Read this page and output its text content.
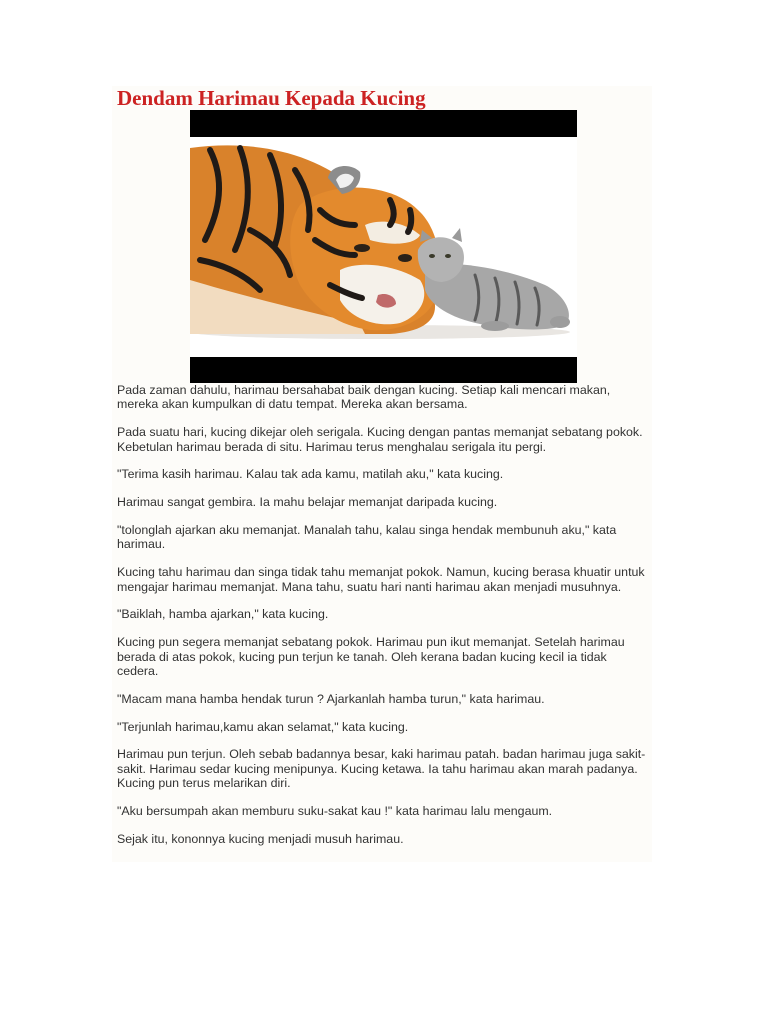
Dendam Harimau Kepada Kucing

Pada zaman dahulu, harimau bersahabat baik dengan kucing. Setiap kali mencari makan, mereka akan kumpulkan di datu tempat. Mereka akan bersama.

Pada suatu hari, kucing dikejar oleh serigala. Kucing dengan pantas memanjat sebatang pokok. Kebetulan harimau berada di situ. Harimau terus menghalau serigala itu pergi.

"Terima kasih harimau. Kalau tak ada kamu, matilah aku," kata kucing.

Harimau sangat gembira. Ia mahu belajar memanjat daripada kucing.

"tolonglah ajarkan aku memanjat. Manalah tahu, kalau singa hendak membunuh aku," kata harimau.

Kucing tahu harimau dan singa tidak tahu memanjat pokok. Namun, kucing berasa khuatir untuk mengajar harimau memanjat. Mana tahu, suatu hari nanti harimau akan menjadi musuhnya.

"Baiklah, hamba ajarkan," kata kucing.

Kucing pun segera memanjat sebatang pokok. Harimau pun ikut memanjat. Setelah harimau berada di atas pokok, kucing pun terjun ke tanah. Oleh kerana badan kucing kecil ia tidak cedera.

"Macam mana hamba hendak turun ? Ajarkanlah hamba turun," kata harimau.

"Terjunlah harimau,kamu akan selamat," kata kucing.

Harimau pun terjun. Oleh sebab badannya besar, kaki harimau patah. badan harimau juga sakit-sakit. Harimau sedar kucing menipunya. Kucing ketawa. Ia tahu harimau akan marah padanya. Kucing pun terus melarikan diri.

"Aku bersumpah akan memburu suku-sakat kau !" kata harimau lalu mengaum.

Sejak itu, kononnya kucing menjadi musuh harimau.
